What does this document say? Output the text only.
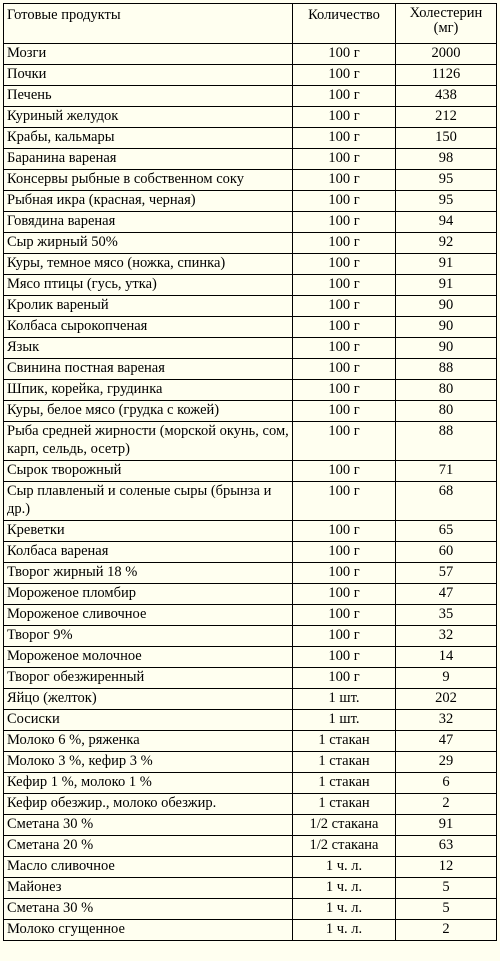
Готовые продукты	Количество	Холестерин (мг)
Мозги	100 г	2000
Почки	100 г	1126
Печень	100 г	438
Куриный желудок	100 г	212
Крабы, кальмары	100 г	150
Баранина вареная	100 г	98
Консервы рыбные в собственном соку	100 г	95
Рыбная икра (красная, черная)	100 г	95
Говядина вареная	100 г	94
Сыр жирный 50%	100 г	92
Куры, темное мясо (ножка, спинка)	100 г	91
Мясо птицы (гусь, утка)	100 г	91
Кролик вареный	100 г	90
Колбаса сырокопченая	100 г	90
Язык	100 г	90
Свинина постная вареная	100 г	88
Шпик, корейка, грудинка	100 г	80
Куры, белое мясо (грудка с кожей)	100 г	80
Рыба средней жирности (морской окунь, сом, карп, сельдь, осетр)	100 г	88
Сырок творожный	100 г	71
Сыр плавленый и соленые сыры (брынза и др.)	100 г	68
Креветки	100 г	65
Колбаса вареная	100 г	60
Творог жирный 18 %	100 г	57
Мороженое пломбир	100 г	47
Мороженое сливочное	100 г	35
Творог 9%	100 г	32
Мороженое молочное	100 г	14
Творог обезжиренный	100 г	9
Яйцо (желток)	1 шт.	202
Сосиски	1 шт.	32
Молоко 6 %, ряженка	1 стакан	47
Молоко 3 %, кефир 3 %	1 стакан	29
Кефир 1 %, молоко 1 %	1 стакан	6
Кефир обезжир., молоко обезжир.	1 стакан	2
Сметана 30 %	1/2 стакана	91
Сметана 20 %	1/2 стакана	63
Масло сливочное	1 ч. л.	12
Майонез	1 ч. л.	5
Сметана 30 %	1 ч. л.	5
Молоко сгущенное	1 ч. л.	2
